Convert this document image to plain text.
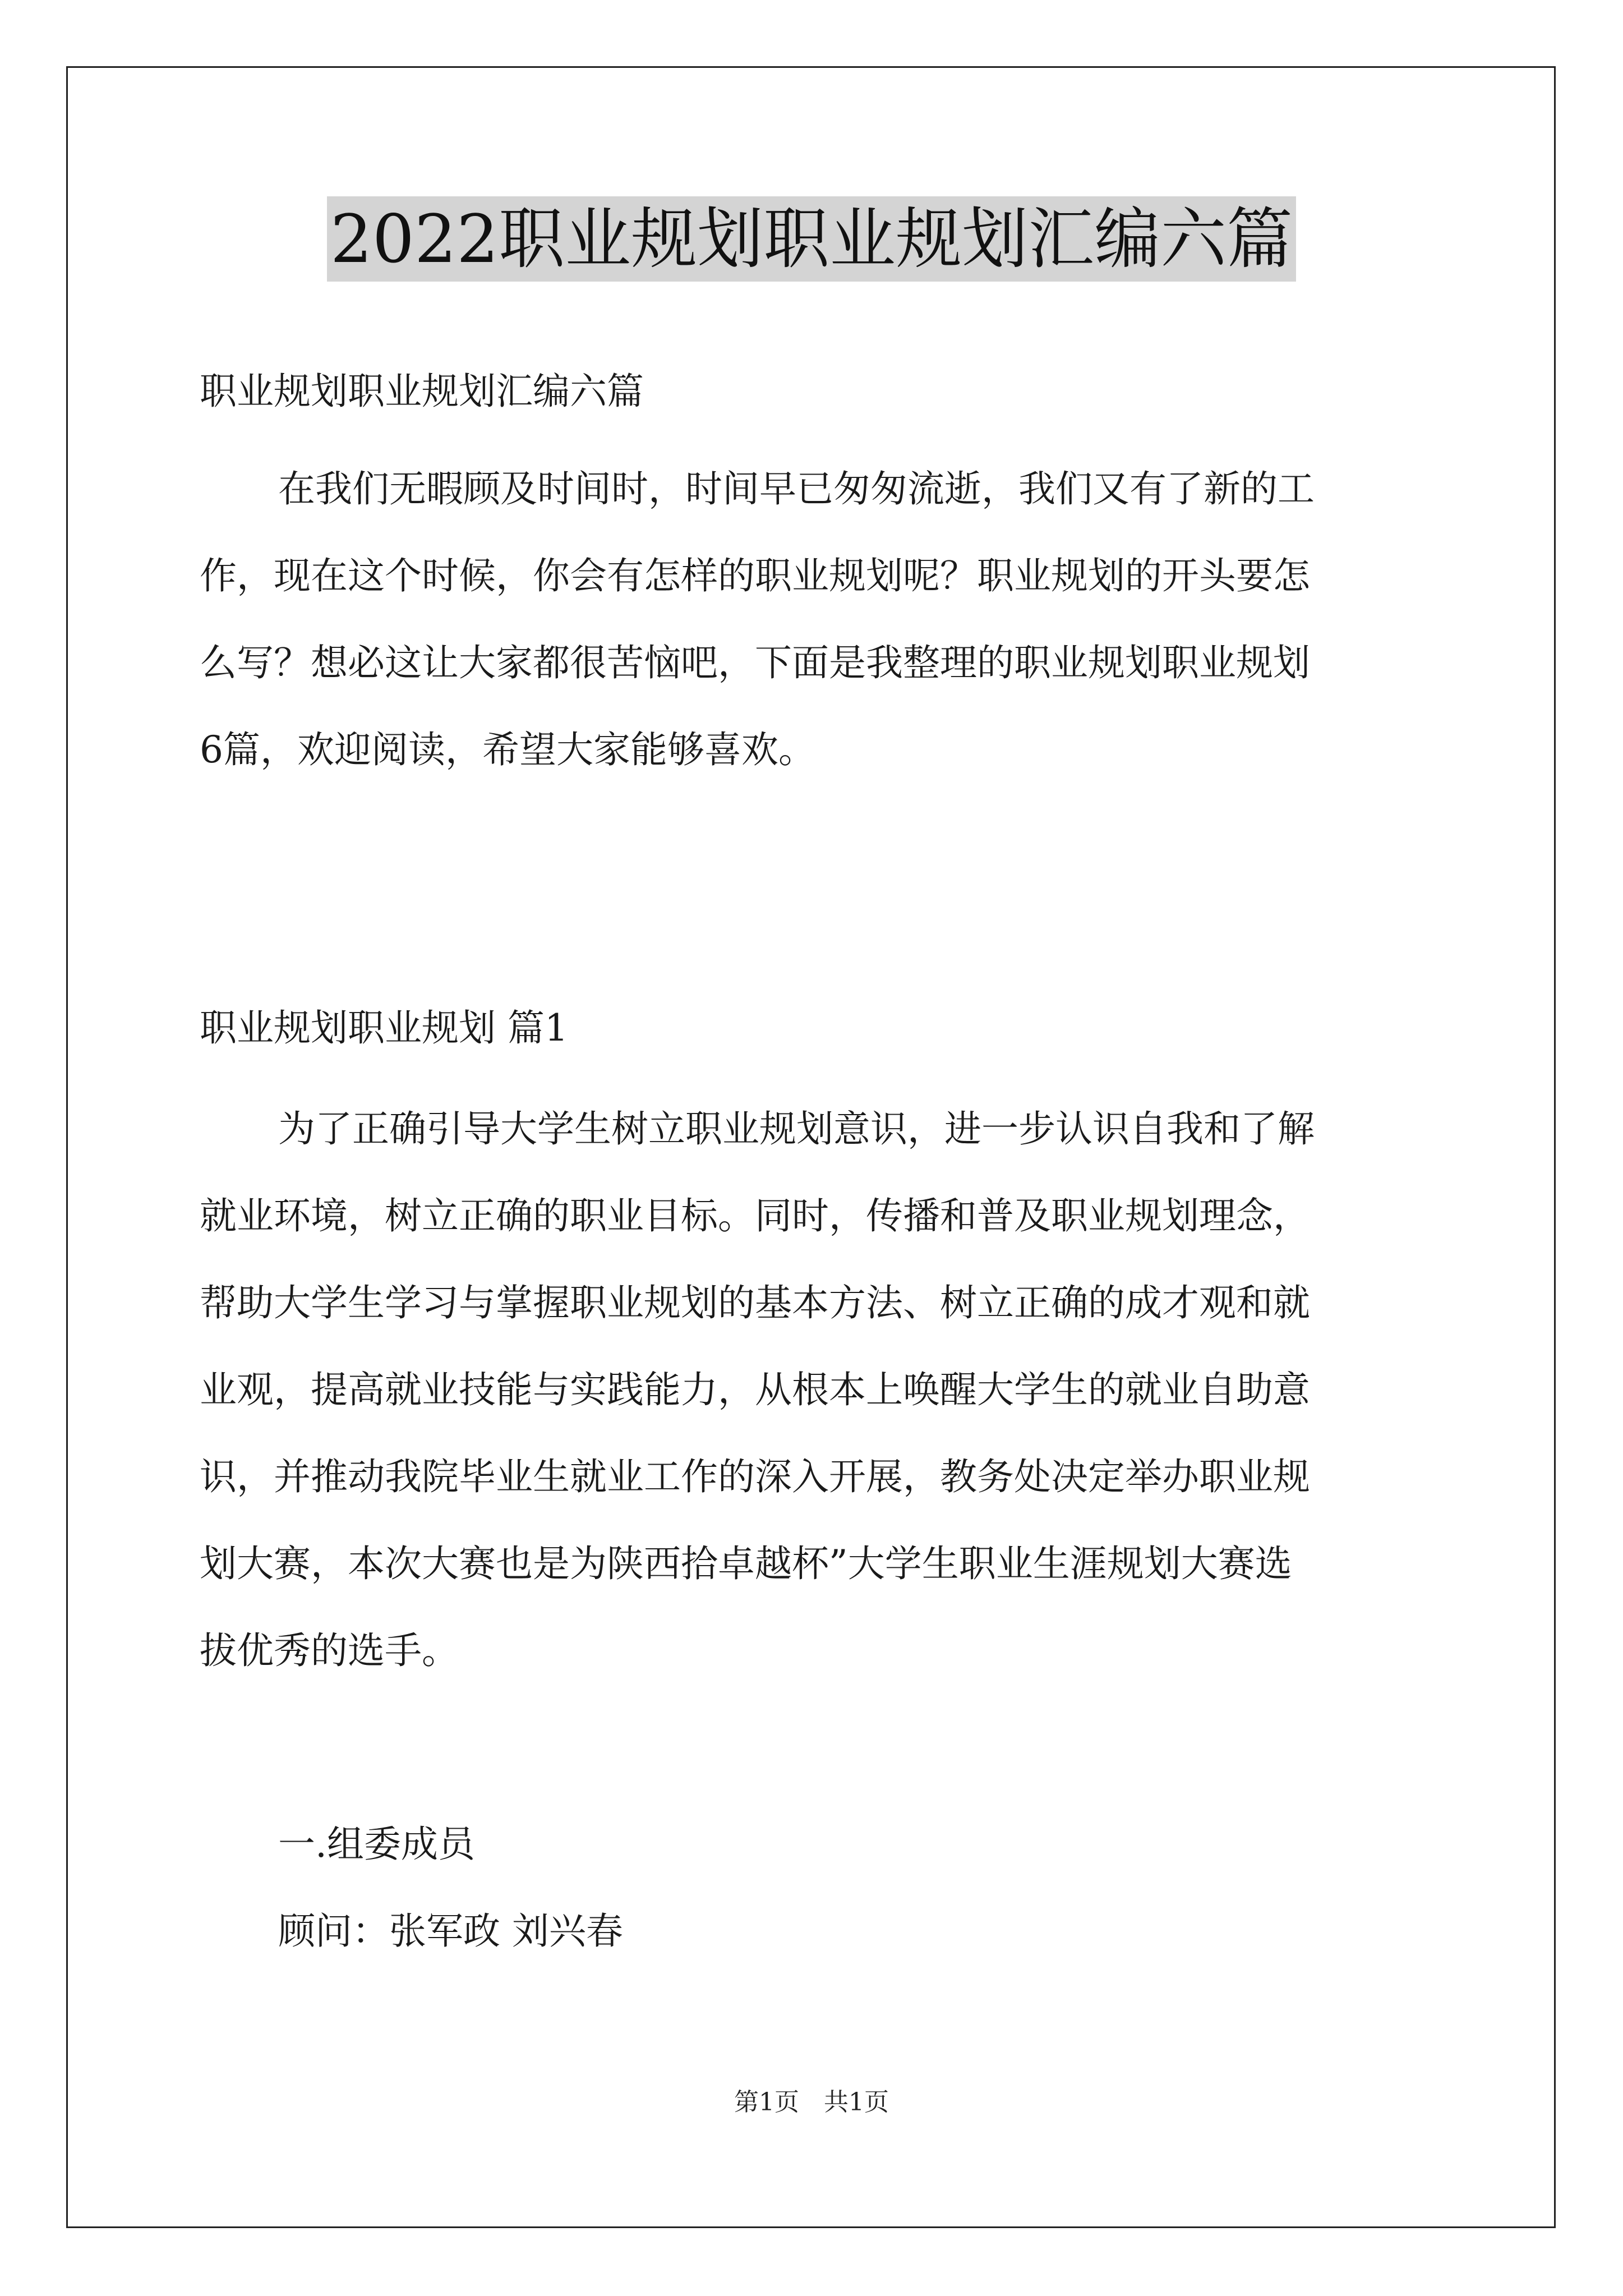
2022职业规划职业规划汇编六篇

职业规划职业规划汇编六篇

在我们无暇顾及时间时，时间早已匆匆流逝，我们又有了新的工
作，现在这个时候，你会有怎样的职业规划呢？职业规划的开头要怎
么写？想必这让大家都很苦恼吧，下面是我整理的职业规划职业规划
6篇，欢迎阅读，希望大家能够喜欢。

职业规划职业规划 篇1

为了正确引导大学生树立职业规划意识，进一步认识自我和了解
就业环境，树立正确的职业目标。同时，传播和普及职业规划理念，
帮助大学生学习与掌握职业规划的基本方法、树立正确的成才观和就
业观，提高就业技能与实践能力，从根本上唤醒大学生的就业自助意
识，并推动我院毕业生就业工作的深入开展，教务处决定举办职业规
划大赛，本次大赛也是为陕西拾卓越杯”大学生职业生涯规划大赛选
拔优秀的选手。

一.组委成员

顾问：张军政 刘兴春

第1页　共1页
